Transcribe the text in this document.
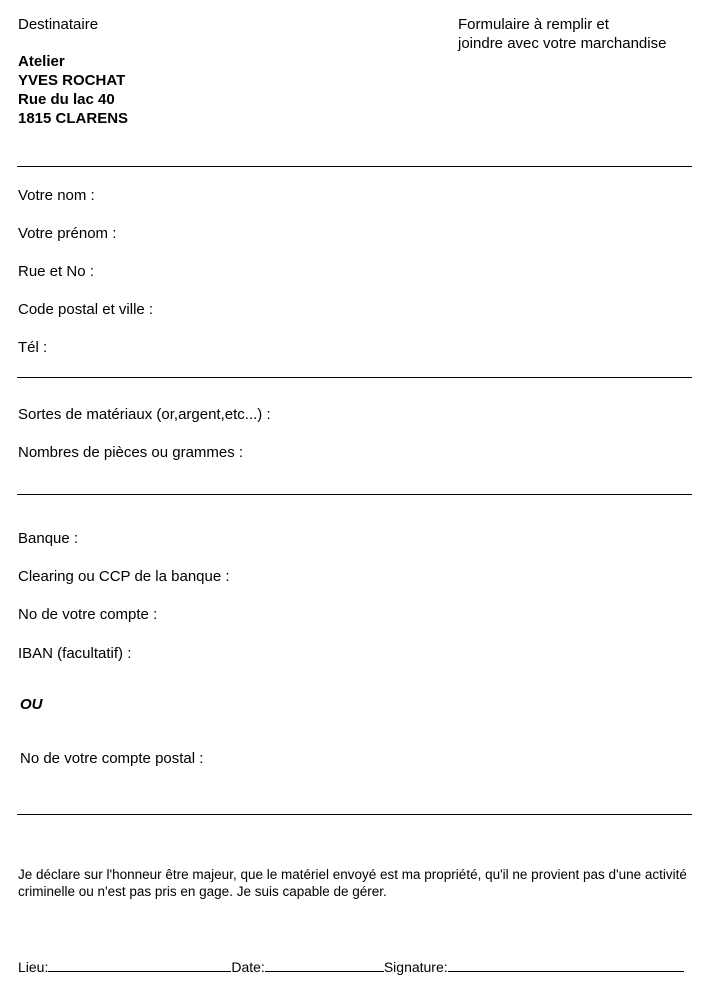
Destinataire	Formulaire à remplir et
joindre avec votre marchandise
Atelier
YVES ROCHAT
Rue du lac 40
1815 CLARENS
Votre nom :
Votre prénom :
Rue et No :
Code postal et ville :
Tél :
Sortes de matériaux (or,argent,etc...) :
Nombres de pièces ou grammes :
Banque :
Clearing ou CCP de la banque :
No de votre compte :
IBAN (facultatif) :
OU
No de votre compte postal :
Je déclare sur l'honneur être majeur, que le matériel envoyé est ma propriété, qu'il ne provient pas d'une activité criminelle ou n'est pas pris en gage. Je suis capable de gérer.
Lieu:	Date:	Signature:
